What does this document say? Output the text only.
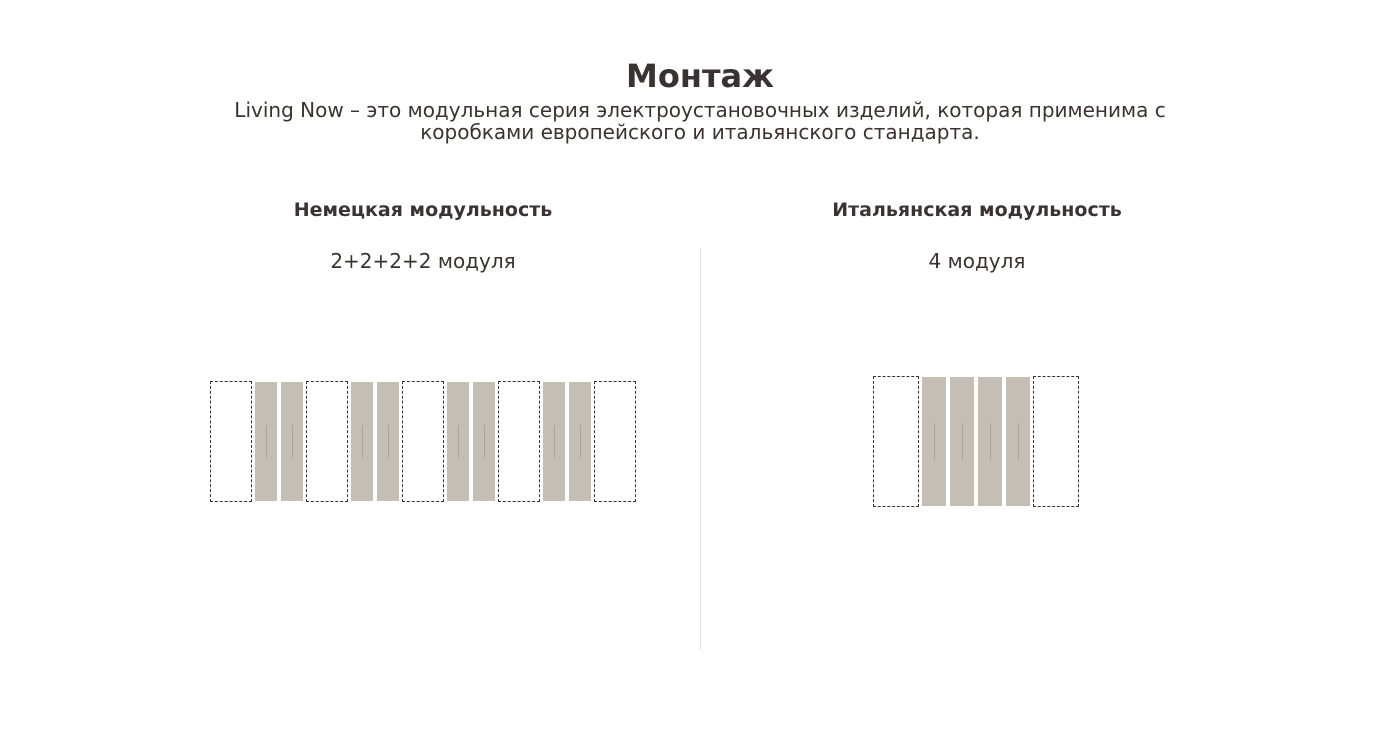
Монтаж
Living Now – это модульная серия электроустановочных изделий, которая применима с коробками европейского и итальянского стандарта.
Немецкая модульность
2+2+2+2 модуля
Итальянская модульность
4 модуля
